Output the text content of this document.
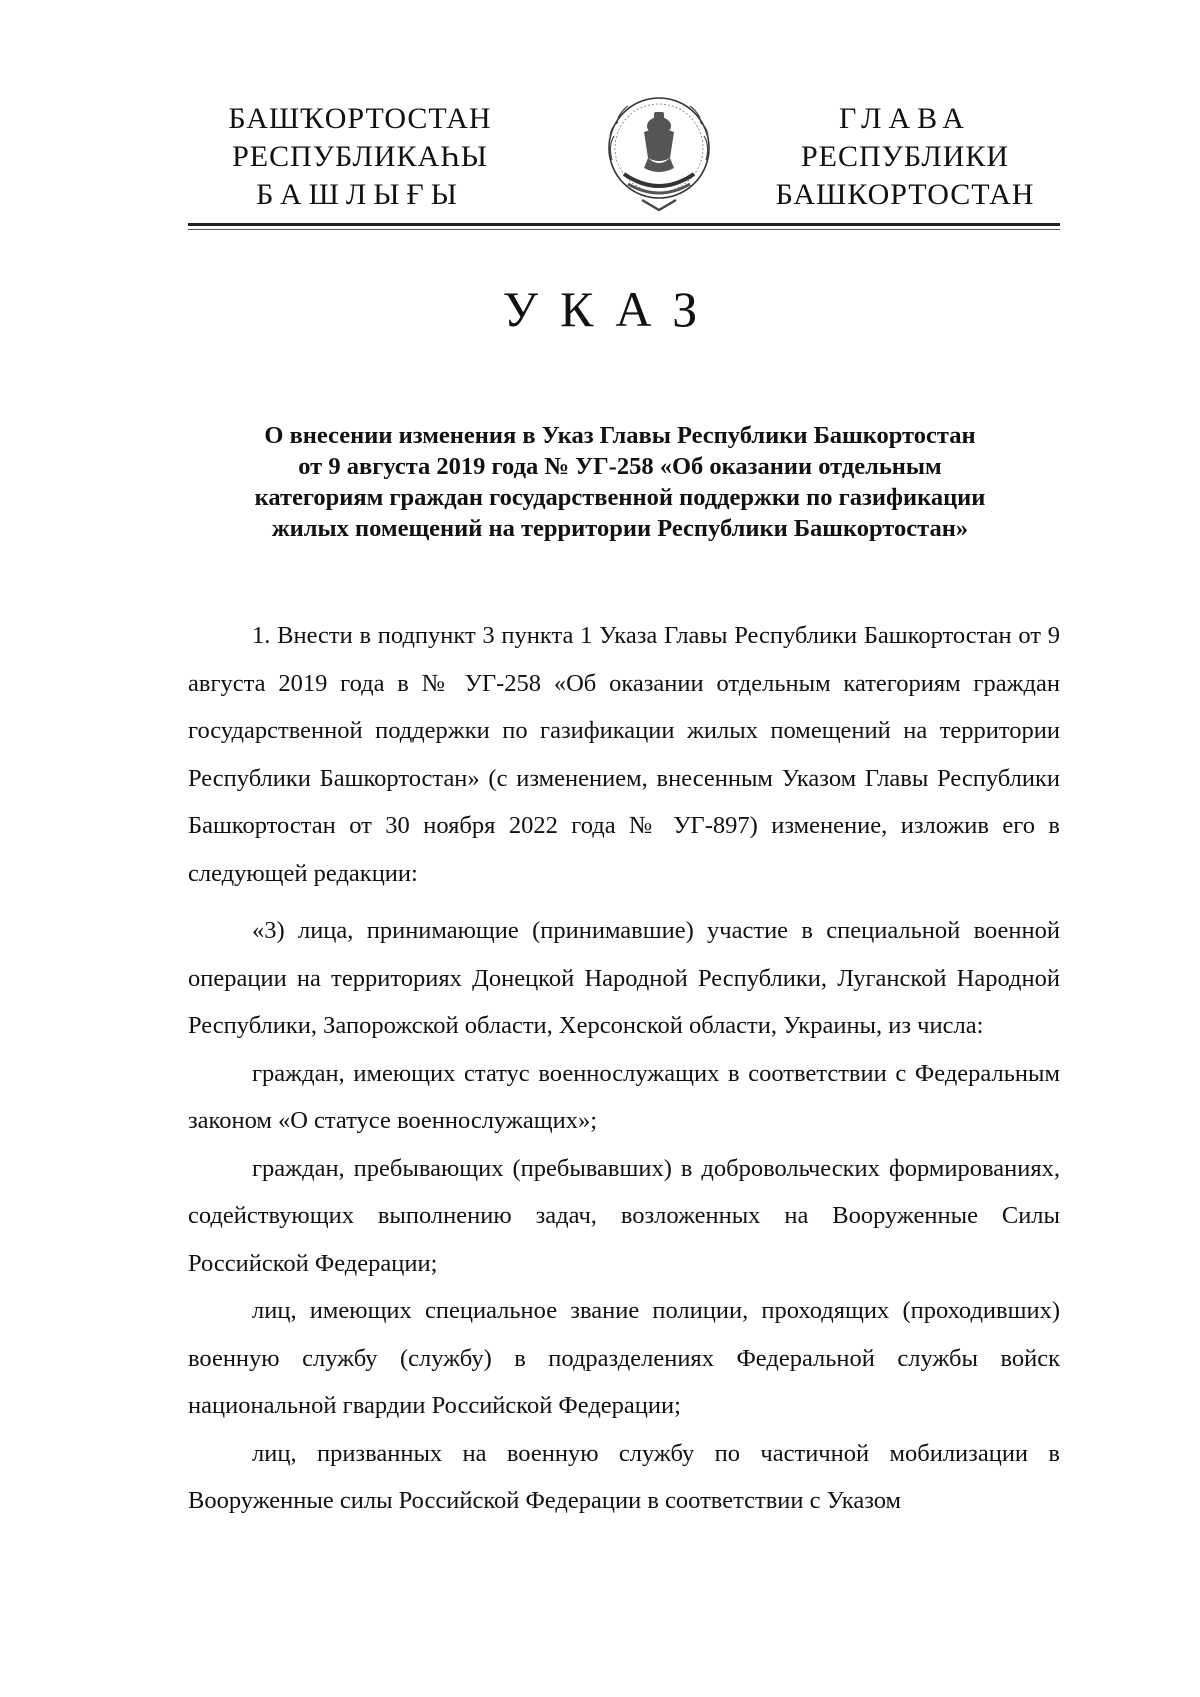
БАШҠОРТОСТАН
РЕСПУБЛИКАҺЫ
БАШЛЫҒЫ
ГЛАВА
РЕСПУБЛИКИ
БАШКОРТОСТАН
УКАЗ
О внесении изменения в Указ Главы Республики Башкортостан
от 9 августа 2019 года № УГ-258 «Об оказании отдельным
категориям граждан государственной поддержки по газификации
жилых помещений на территории Республики Башкортостан»

1. Внести в подпункт 3 пункта 1 Указа Главы Республики Башкортостан от 9 августа 2019 года в № УГ-258 «Об оказании отдельным категориям граждан государственной поддержки по газификации жилых помещений на территории Республики Башкортостан» (с изменением, внесенным Указом Главы Республики Башкортостан от 30 ноября 2022 года № УГ-897) изменение, изложив его в следующей редакции:

«3) лица, принимающие (принимавшие) участие в специальной военной операции на территориях Донецкой Народной Республики, Луганской Народной Республики, Запорожской области, Херсонской области, Украины, из числа:

граждан, имеющих статус военнослужащих в соответствии с Федеральным законом «О статусе военнослужащих»;

граждан, пребывающих (пребывавших) в добровольческих формированиях, содействующих выполнению задач, возложенных на Вооруженные Силы Российской Федерации;

лиц, имеющих специальное звание полиции, проходящих (проходивших) военную службу (службу) в подразделениях Федеральной службы войск национальной гвардии Российской Федерации;

лиц, призванных на военную службу по частичной мобилизации в Вооруженные силы Российской Федерации в соответствии с Указом
